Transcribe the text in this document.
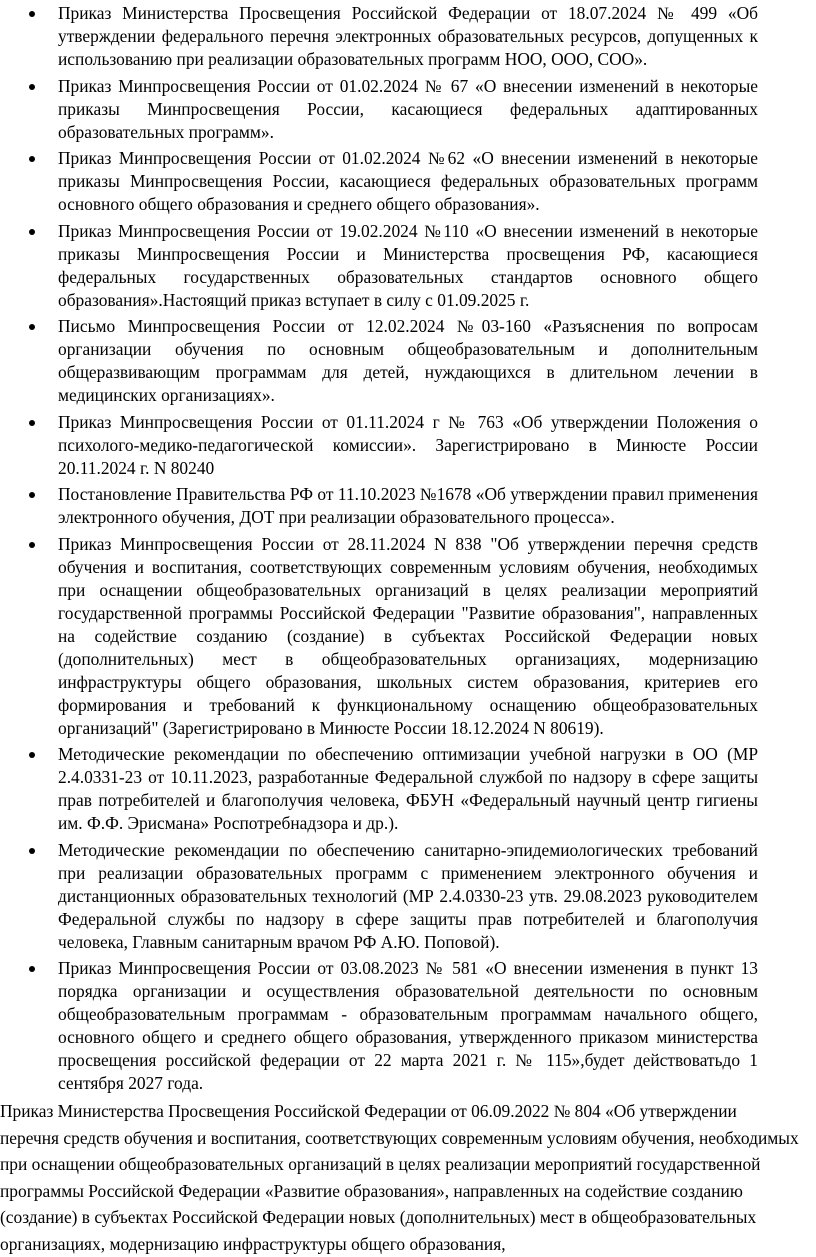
Приказ Министерства Просвещения Российской Федерации от 18.07.2024 № 499 «Об утверждении федерального перечня электронных образовательных ресурсов, допущенных к использованию при реализации образовательных программ НОО, ООО, СОО».
Приказ Минпросвещения России от 01.02.2024 № 67 «О внесении изменений в некоторые приказы Минпросвещения России, касающиеся федеральных адаптированных образовательных программ».
Приказ Минпросвещения России от 01.02.2024 №62 «О внесении изменений в некоторые приказы Минпросвещения России, касающиеся федеральных образовательных программ основного общего образования и среднего общего образования».
Приказ Минпросвещения России от 19.02.2024 №110 «О внесении изменений в некоторые приказы Минпросвещения России и Министерства просвещения РФ, касающиеся федеральных государственных образовательных стандартов основного общего образования».Настоящий приказ вступает в силу с 01.09.2025 г.
Письмо Минпросвещения России от 12.02.2024 №03-160 «Разъяснения по вопросам организации обучения по основным общеобразовательным и дополнительным общеразвивающим программам для детей, нуждающихся в длительном лечении в медицинских организациях».
Приказ Минпросвещения России от 01.11.2024 г № 763 «Об утверждении Положения о психолого-медико-педагогической комиссии». Зарегистрировано в Минюсте России 20.11.2024 г. N 80240
Постановление Правительства РФ от 11.10.2023 №1678 «Об утверждении правил применения электронного обучения, ДОТ при реализации образовательного процесса».
Приказ Минпросвещения России от 28.11.2024 N 838 "Об утверждении перечня средств обучения и воспитания, соответствующих современным условиям обучения, необходимых при оснащении общеобразовательных организаций в целях реализации мероприятий государственной программы Российской Федерации "Развитие образования", направленных на содействие созданию (создание) в субъектах Российской Федерации новых (дополнительных) мест в общеобразовательных организациях, модернизацию инфраструктуры общего образования, школьных систем образования, критериев его формирования и требований к функциональному оснащению общеобразовательных организаций" (Зарегистрировано в Минюсте России 18.12.2024 N 80619).
Методические рекомендации по обеспечению оптимизации учебной нагрузки в ОО (МР 2.4.0331-23 от 10.11.2023, разработанные Федеральной службой по надзору в сфере защиты прав потребителей и благополучия человека, ФБУН «Федеральный научный центр гигиены им. Ф.Ф. Эрисмана» Роспотребнадзора и др.).
Методические рекомендации по обеспечению санитарно-эпидемиологических требований при реализации образовательных программ с применением электронного обучения и дистанционных образовательных технологий (МР 2.4.0330-23 утв. 29.08.2023 руководителем Федеральной службы по надзору в сфере защиты прав потребителей и благополучия человека, Главным санитарным врачом РФ А.Ю. Поповой).
Приказ Минпросвещения России от 03.08.2023 № 581 «О внесении изменения в пункт 13 порядка организации и осуществления образовательной деятельности по основным общеобразовательным программам - образовательным программам начального общего, основного общего и среднего общего образования, утвержденного приказом министерства просвещения российской федерации от 22 марта 2021 г. № 115»,будет действоватьдо 1 сентября 2027 года.

Приказ Министерства Просвещения Российской Федерации от 06.09.2022 № 804 «Об утверждении перечня средств обучения и воспитания, соответствующих современным условиям обучения, необходимых при оснащении общеобразовательных организаций в целях реализации мероприятий государственной программы Российской Федерации «Развитие образования», направленных на содействие созданию (создание) в субъектах Российской Федерации новых (дополнительных) мест в общеобразовательных организациях, модернизацию инфраструктуры общего образования,
